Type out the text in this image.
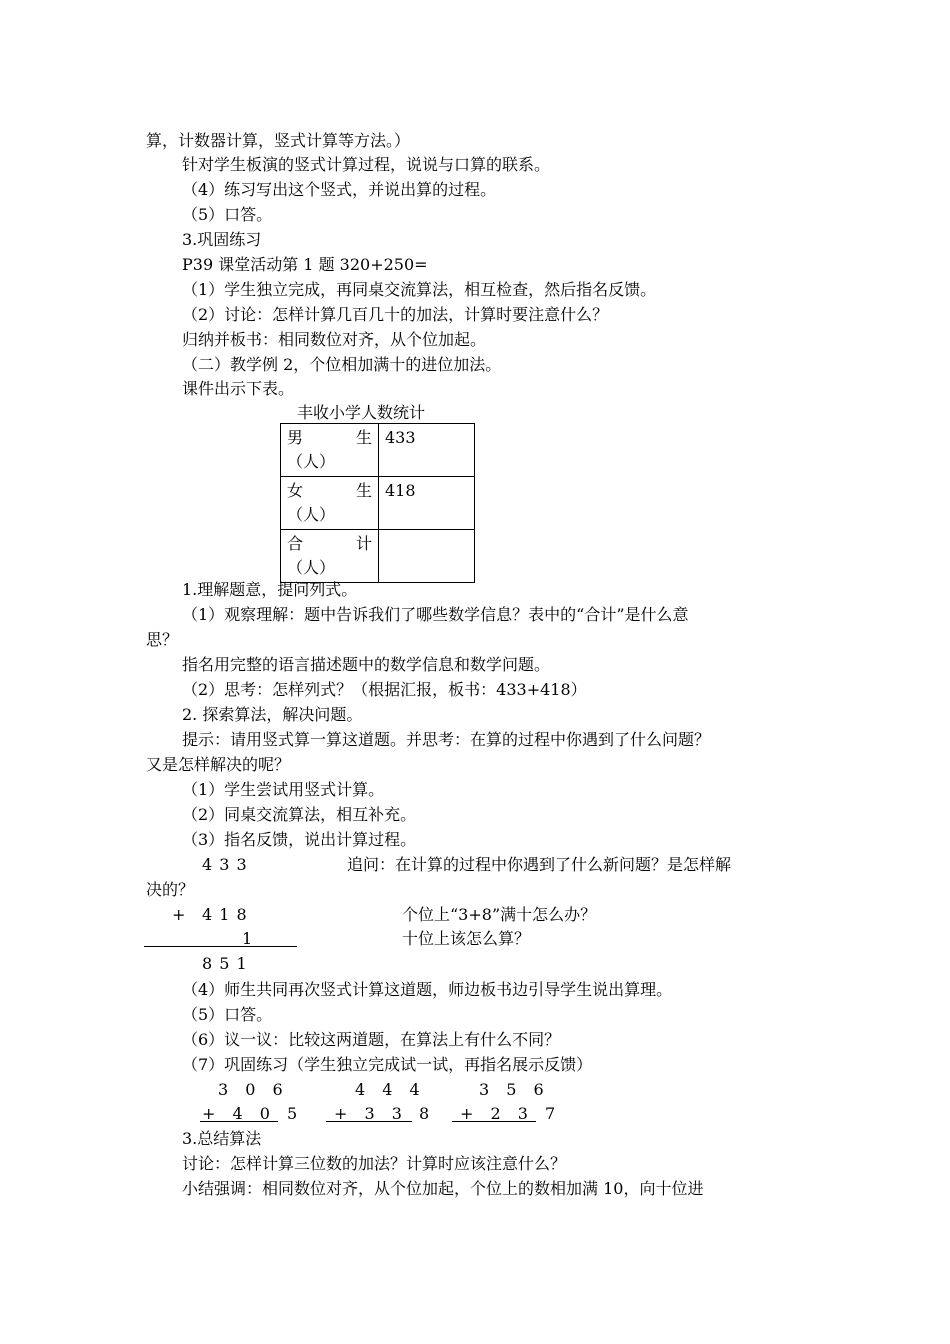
算，计数器计算，竖式计算等方法。）
针对学生板演的竖式计算过程，说说与口算的联系。
（4）练习写出这个竖式，并说出算的过程。
（5）口答。
3.巩固练习
P39 课堂活动第 1 题 320+250=
（1）学生独立完成，再同桌交流算法，相互检查，然后指名反馈。
（2）讨论：怎样计算几百几十的加法，计算时要注意什么？
归纳并板书：相同数位对齐，从个位加起。
（二）教学例 2，个位相加满十的进位加法。
课件出示下表。
丰收小学人数统计
男 生
（人）	433

女 生
（人）	418

合 计
（人）	
1.理解题意，提问列式。
（1）观察理解：题中告诉我们了哪些数学信息？表中的“合计”是什么意
思？
指名用完整的语言描述题中的数学信息和数学问题。
（2）思考：怎样列式？（根据汇报，板书：433+418）
2. 探索算法，解决问题。
提示：请用竖式算一算这道题。并思考：在算的过程中你遇到了什么问题？
又是怎样解决的呢？
（1）学生尝试用竖式计算。
（2）同桌交流算法，相互补充。
（3）指名反馈，说出计算过程。
4 3 3	追问：在计算的过程中你遇到了什么新问题？是怎样解
决的？
+ 4 1 8	个位上“3+8”满十怎么办？
1	十位上该怎么算？
8 5 1
（4）师生共同再次竖式计算这道题，师边板书边引导学生说出算理。
（5）口答。
（6）议一议：比较这两道题，在算法上有什么不同？
（7）巩固练习（学生独立完成试一试，再指名展示反馈）
3 0 6
+ 4 0 5
4 4 4
+ 3 3 8
3 5 6
+ 2 3 7
3.总结算法
讨论：怎样计算三位数的加法？计算时应该注意什么？
小结强调：相同数位对齐，从个位加起，个位上的数相加满 10，向十位进
